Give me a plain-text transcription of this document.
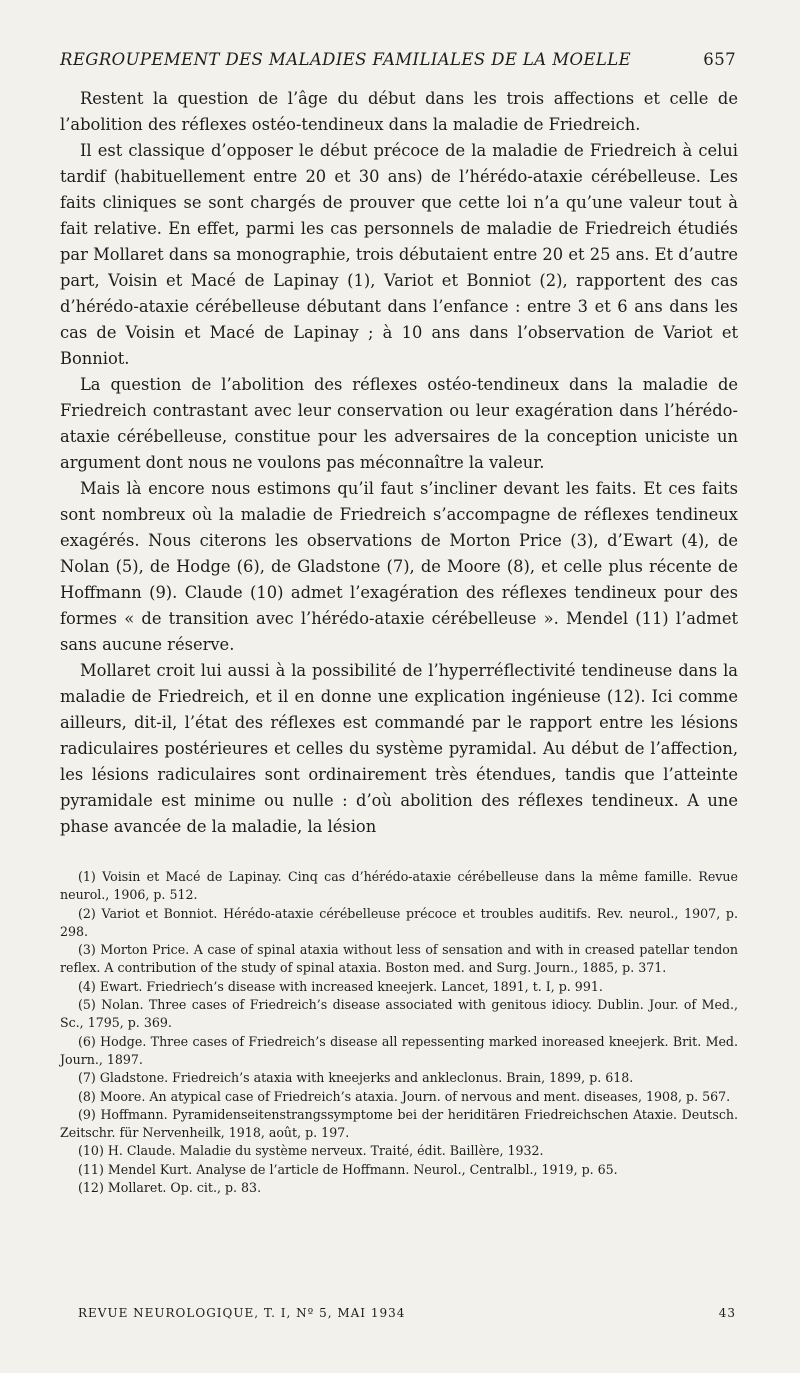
REGROUPEMENT DES MALADIES FAMILIALES DE LA MOELLE	657

Restent la question de l’âge du début dans les trois affections et celle de l’abolition des réflexes ostéo-tendineux dans la maladie de Friedreich.

Il est classique d’opposer le début précoce de la maladie de Friedreich à celui tardif (habituellement entre 20 et 30 ans) de l’hérédo-ataxie cérébelleuse. Les faits cliniques se sont chargés de prouver que cette loi n’a qu’une valeur tout à fait relative. En effet, parmi les cas personnels de maladie de Friedreich étudiés par Mollaret dans sa monographie, trois débutaient entre 20 et 25 ans. Et d’autre part, Voisin et Macé de Lapinay (1), Variot et Bonniot (2), rapportent des cas d’hérédo-ataxie cérébelleuse débutant dans l’enfance : entre 3 et 6 ans dans les cas de Voisin et Macé de Lapinay ; à 10 ans dans l’observation de Variot et Bonniot.

La question de l’abolition des réflexes ostéo-tendineux dans la maladie de Friedreich contrastant avec leur conservation ou leur exagération dans l’hérédo-ataxie cérébelleuse, constitue pour les adversaires de la conception uniciste un argument dont nous ne voulons pas méconnaître la valeur.

Mais là encore nous estimons qu’il faut s’incliner devant les faits. Et ces faits sont nombreux où la maladie de Friedreich s’accompagne de réflexes tendineux exagérés. Nous citerons les observations de Morton Price (3), d’Ewart (4), de Nolan (5), de Hodge (6), de Gladstone (7), de Moore (8), et celle plus récente de Hoffmann (9). Claude (10) admet l’exagération des réflexes tendineux pour des formes « de transition avec l’hérédo-ataxie cérébelleuse ». Mendel (11) l’admet sans aucune réserve.

Mollaret croit lui aussi à la possibilité de l’hyperréflectivité tendineuse dans la maladie de Friedreich, et il en donne une explication ingénieuse (12). Ici comme ailleurs, dit-il, l’état des réflexes est commandé par le rapport entre les lésions radiculaires postérieures et celles du système pyramidal. Au début de l’affection, les lésions radiculaires sont ordinairement très étendues, tandis que l’atteinte pyramidale est minime ou nulle : d’où abolition des réflexes tendineux. A une phase avancée de la maladie, la lésion

(1) Voisin et Macé de Lapinay. Cinq cas d’hérédo-ataxie cérébelleuse dans la même famille. Revue neurol., 1906, p. 512.

(2) Variot et Bonniot. Hérédo-ataxie cérébelleuse précoce et troubles auditifs. Rev. neurol., 1907, p. 298.

(3) Morton Price. A case of spinal ataxia without less of sensation and with in creased patellar tendon reflex. A contribution of the study of spinal ataxia. Boston med. and Surg. Journ., 1885, p. 371.

(4) Ewart. Friedriech’s disease with increased kneejerk. Lancet, 1891, t. I, p. 991.

(5) Nolan. Three cases of Friedreich’s disease associated with genitous idiocy. Dublin. Jour. of Med., Sc., 1795, p. 369.

(6) Hodge. Three cases of Friedreich’s disease all repessenting marked inoreased kneejerk. Brit. Med. Journ., 1897.

(7) Gladstone. Friedreich’s ataxia with kneejerks and ankleclonus. Brain, 1899, p. 618.

(8) Moore. An atypical case of Friedreich’s ataxia. Journ. of nervous and ment. diseases, 1908, p. 567.

(9) Hoffmann. Pyramidenseitenstrangssymptome bei der heriditären Friedreichschen Ataxie. Deutsch. Zeitschr. für Nervenheilk, 1918, août, p. 197.

(10) H. Claude. Maladie du système nerveux. Traité, édit. Baillère, 1932.

(11) Mendel Kurt. Analyse de l’article de Hoffmann. Neurol., Centralbl., 1919, p. 65.

(12) Mollaret. Op. cit., p. 83.

REVUE NEUROLOGIQUE, T. I, Nº 5, MAI 1934	43
